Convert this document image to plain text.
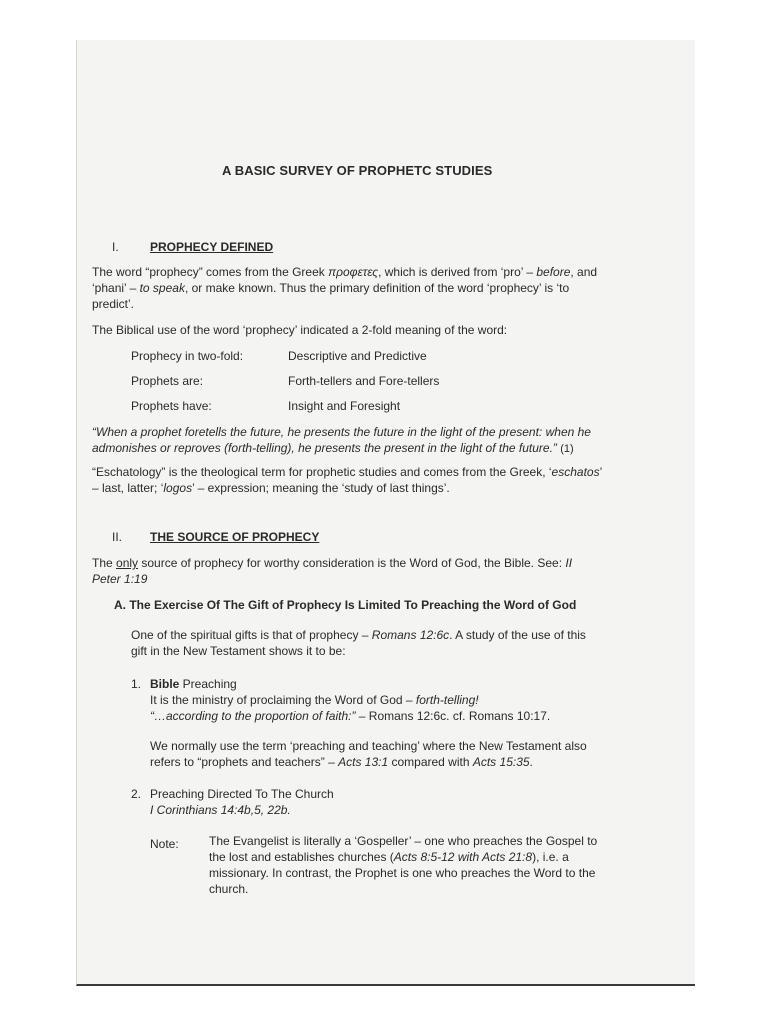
A BASIC SURVEY OF PROPHETC STUDIES
I.	PROPHECY DEFINED
The word “prophecy” comes from the Greek προφετες, which is derived from ‘pro’ – before, and
‘phani’ – to speak, or make known. Thus the primary definition of the word ‘prophecy’ is ‘to
predict’.
The Biblical use of the word ‘prophecy’ indicated a 2-fold meaning of the word:
Prophecy in two-fold:	Descriptive and Predictive
Prophets are:	Forth-tellers and Fore-tellers
Prophets have:	Insight and Foresight
“When a prophet foretells the future, he presents the future in the light of the present: when he
admonishes or reproves (forth-telling), he presents the present in the light of the future.” (1)
“Eschatology” is the theological term for prophetic studies and comes from the Greek, ‘eschatos’
– last, latter; ‘logos’ – expression; meaning the ‘study of last things’.
II. THE SOURCE OF PROPHECY
The only source of prophecy for worthy consideration is the Word of God, the Bible. See: II
Peter 1:19
A. The Exercise Of The Gift of Prophecy Is Limited To Preaching the Word of God
One of the spiritual gifts is that of prophecy – Romans 12:6c. A study of the use of this
gift in the New Testament shows it to be:
1. Bible Preaching
It is the ministry of proclaiming the Word of God – forth-telling!
“…according to the proportion of faith:” – Romans 12:6c. cf. Romans 10:17.
We normally use the term ‘preaching and teaching’ where the New Testament also
refers to “prophets and teachers” – Acts 13:1 compared with Acts 15:35.
2. Preaching Directed To The Church
I Corinthians 14:4b,5, 22b.
Note:	The Evangelist is literally a ‘Gospeller’ – one who preaches the Gospel to
the lost and establishes churches (Acts 8:5-12 with Acts 21:8), i.e. a
missionary. In contrast, the Prophet is one who preaches the Word to the
church.
